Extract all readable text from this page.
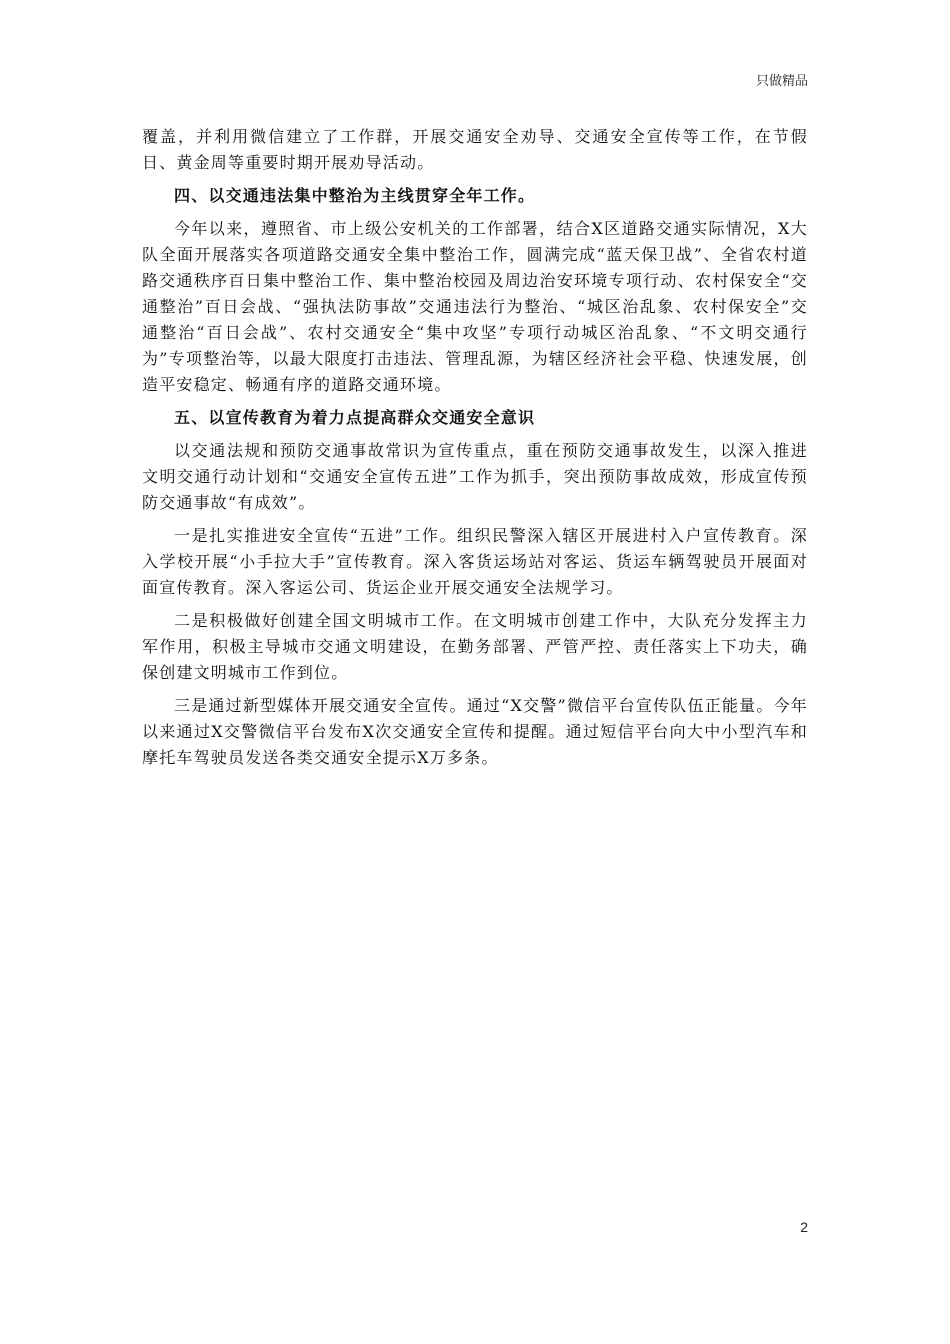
只做精品

覆盖，并利用微信建立了工作群，开展交通安全劝导、交通安全宣传等工作，在节假日、黄金周等重要时期开展劝导活动。

四、以交通违法集中整治为主线贯穿全年工作。

今年以来，遵照省、市上级公安机关的工作部署，结合X区道路交通实际情况，X大队全面开展落实各项道路交通安全集中整治工作，圆满完成“蓝天保卫战”、全省农村道路交通秩序百日集中整治工作、集中整治校园及周边治安环境专项行动、农村保安全“交通整治”百日会战、“强执法防事故”交通违法行为整治、“城区治乱象、农村保安全”交通整治“百日会战”、农村交通安全“集中攻坚”专项行动城区治乱象、“不文明交通行为”专项整治等，以最大限度打击违法、管理乱源，为辖区经济社会平稳、快速发展，创造平安稳定、畅通有序的道路交通环境。

五、以宣传教育为着力点提高群众交通安全意识

以交通法规和预防交通事故常识为宣传重点，重在预防交通事故发生，以深入推进文明交通行动计划和“交通安全宣传五进”工作为抓手，突出预防事故成效，形成宣传预防交通事故“有成效”。

一是扎实推进安全宣传“五进”工作。组织民警深入辖区开展进村入户宣传教育。深入学校开展“小手拉大手”宣传教育。深入客货运场站对客运、货运车辆驾驶员开展面对面宣传教育。深入客运公司、货运企业开展交通安全法规学习。

二是积极做好创建全国文明城市工作。在文明城市创建工作中，大队充分发挥主力军作用，积极主导城市交通文明建设，在勤务部署、严管严控、责任落实上下功夫，确保创建文明城市工作到位。

三是通过新型媒体开展交通安全宣传。通过“X交警”微信平台宣传队伍正能量。今年以来通过X交警微信平台发布X次交通安全宣传和提醒。通过短信平台向大中小型汽车和摩托车驾驶员发送各类交通安全提示X万多条。

2
